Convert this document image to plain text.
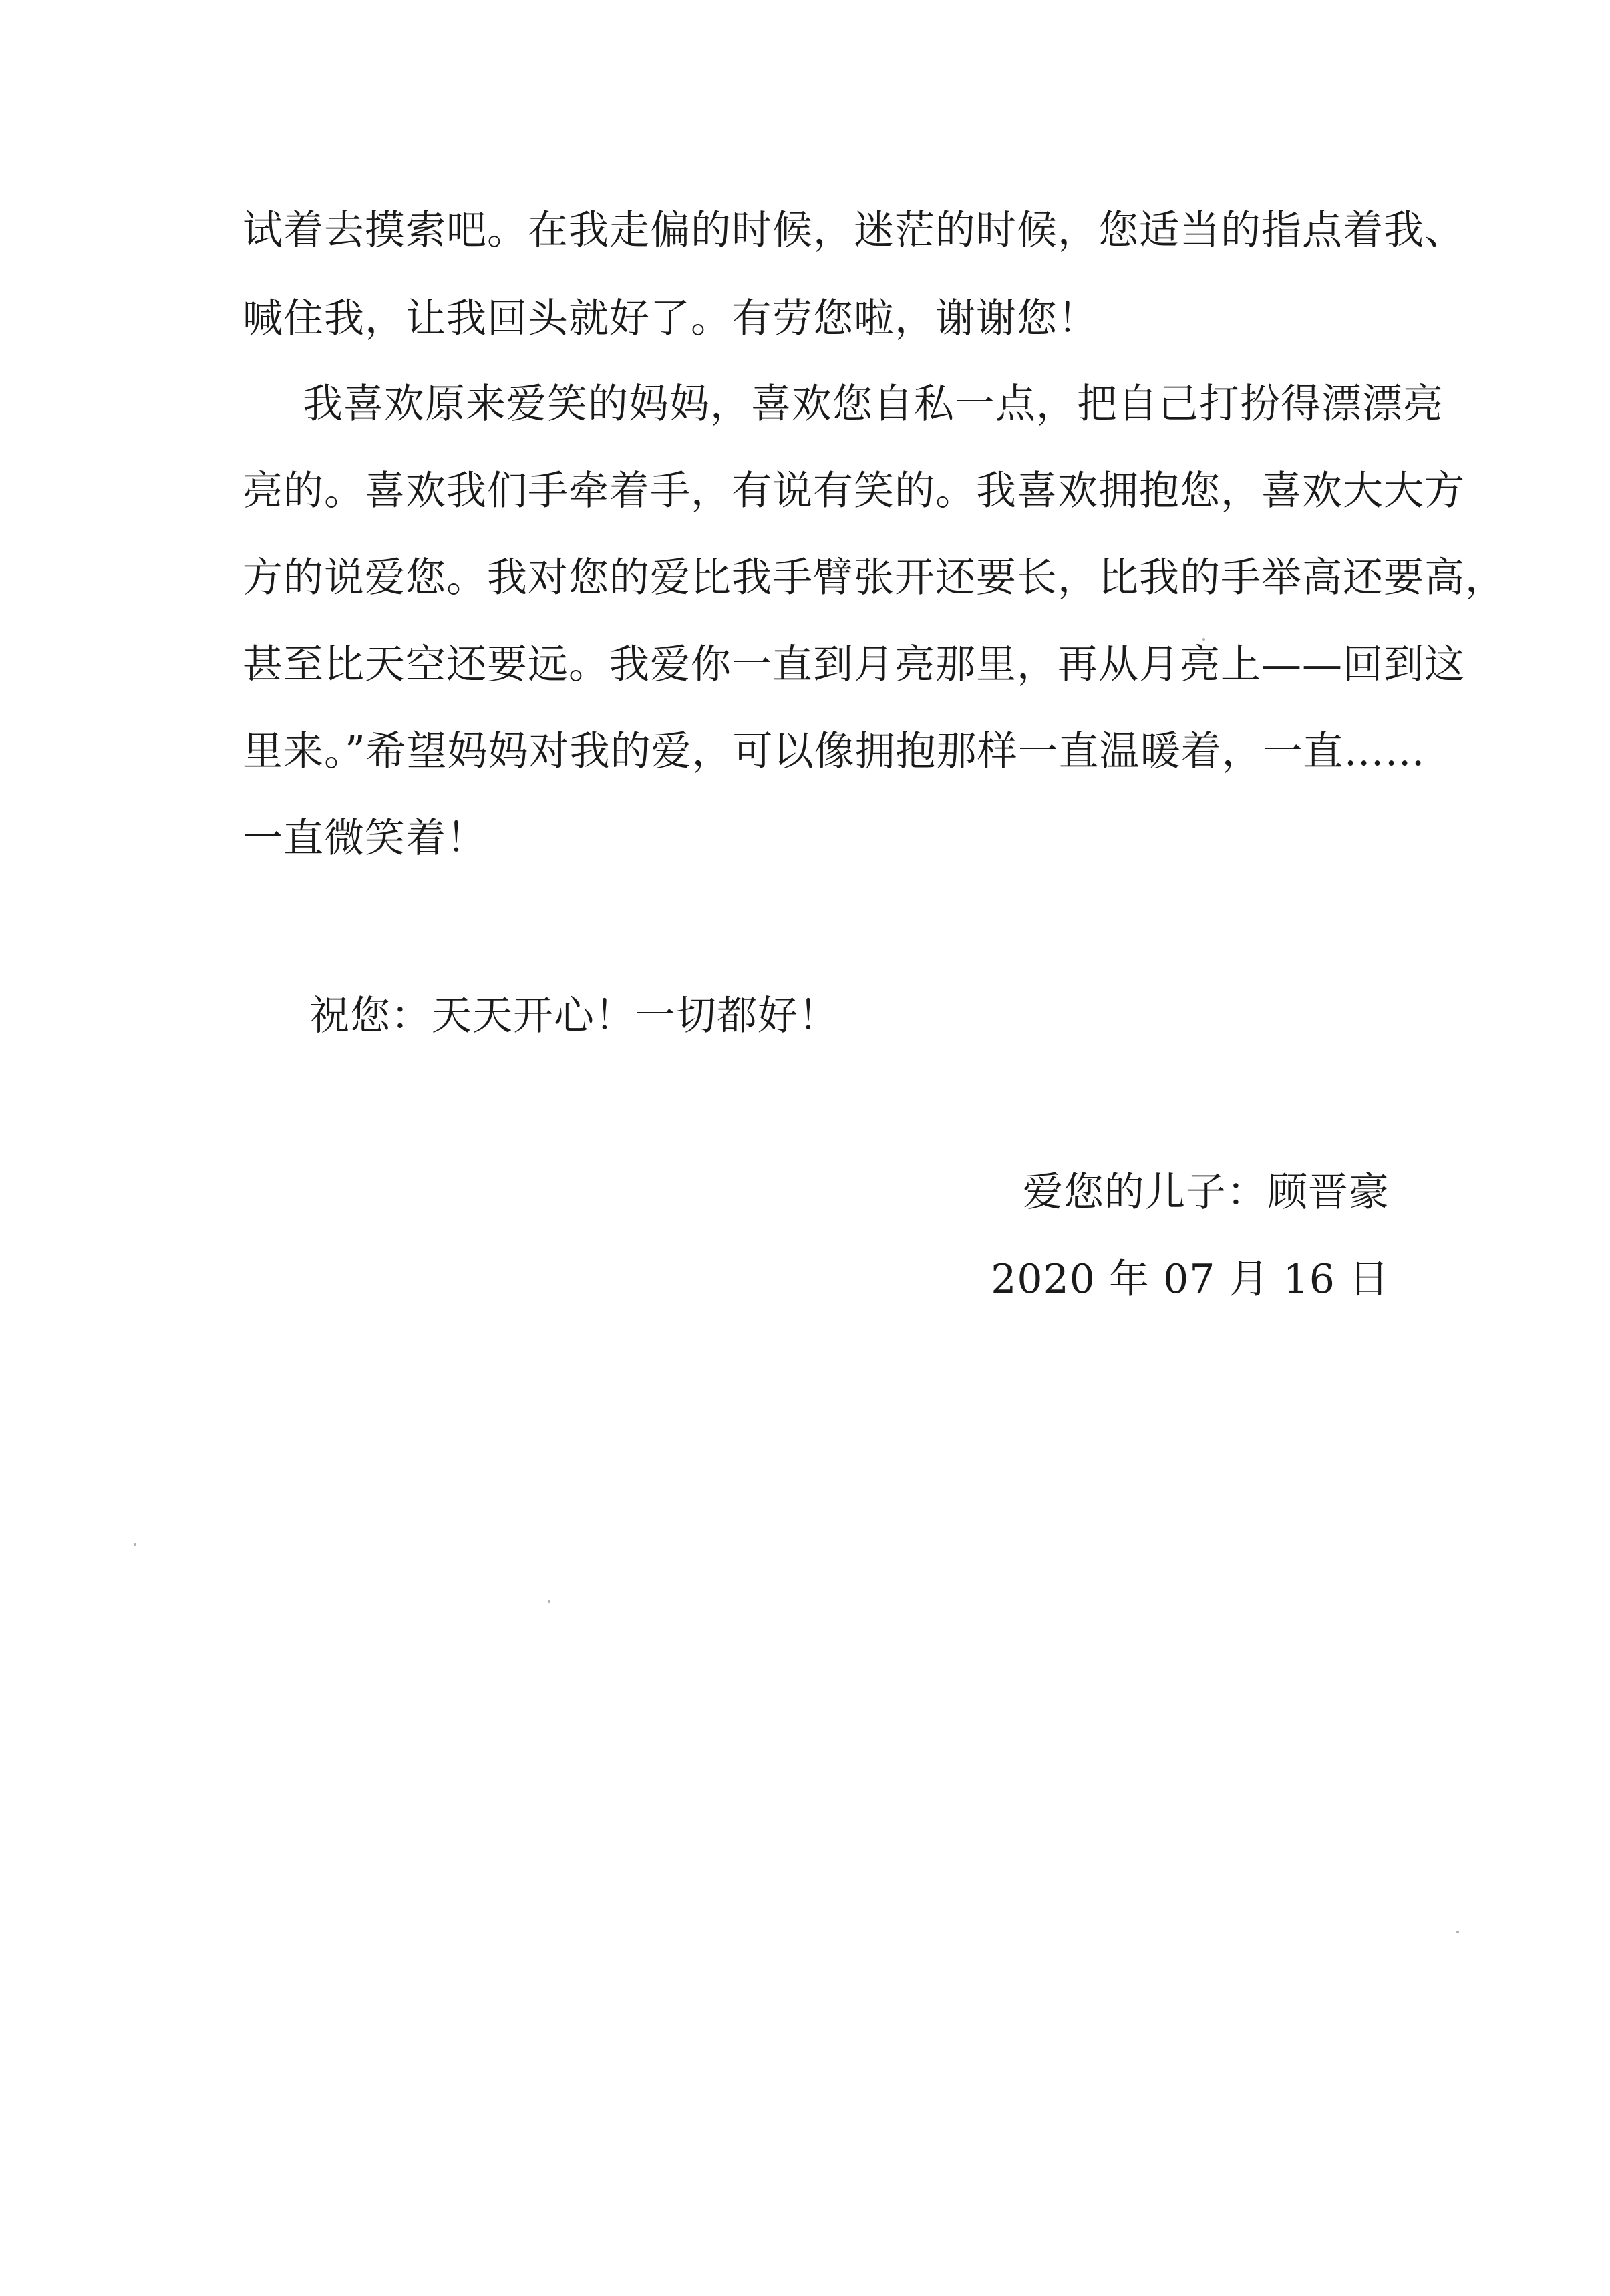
试着去摸索吧。在我走偏的时候，迷茫的时候，您适当的指点着我、
喊住我，让我回头就好了。有劳您啦，谢谢您！
我喜欢原来爱笑的妈妈，喜欢您自私一点，把自己打扮得漂漂亮
亮的。喜欢我们手牵着手，有说有笑的。我喜欢拥抱您，喜欢大大方
方的说爱您。我对您的爱比我手臂张开还要长，比我的手举高还要高，
甚至比天空还要远。我爱你一直到月亮那里，再从月亮上——回到这
里来。”希望妈妈对我的爱，可以像拥抱那样一直温暖着，一直……
一直微笑着！
祝您：天天开心！一切都好！
爱您的儿子：顾晋豪
2020 年 07 月 16 日
